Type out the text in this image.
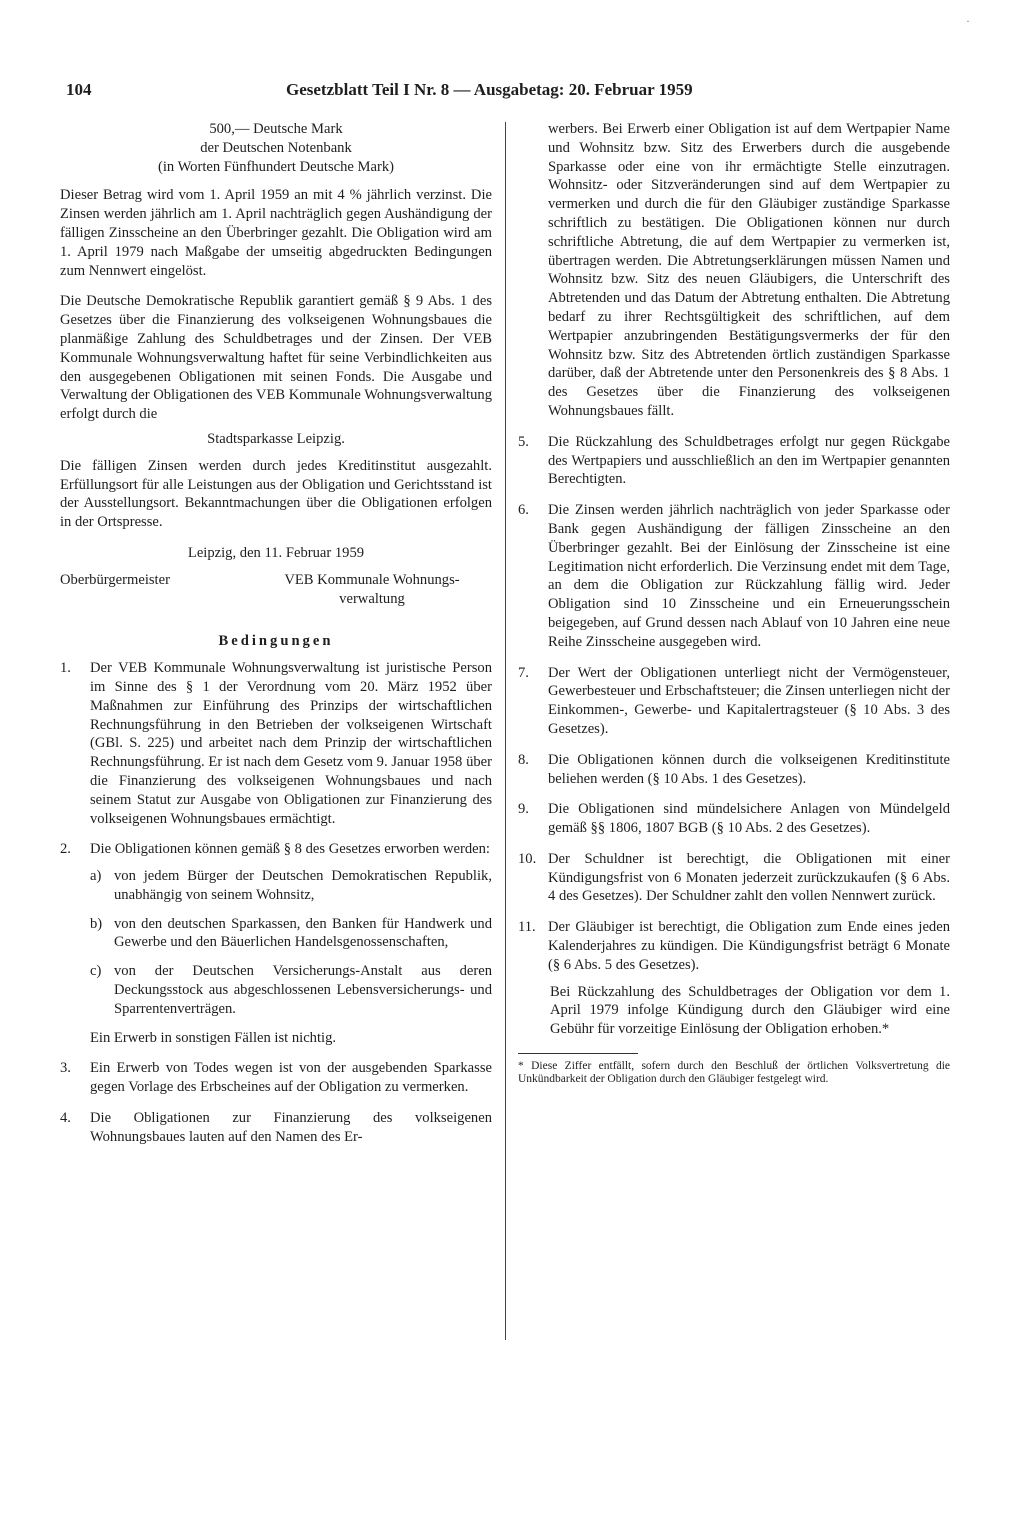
104	Gesetzblatt Teil I Nr. 8 — Ausgabetag: 20. Februar 1959
500,— Deutsche Mark
der Deutschen Notenbank
(in Worten Fünfhundert Deutsche Mark)

Dieser Betrag wird vom 1. April 1959 an mit 4 % jährlich verzinst. Die Zinsen werden jährlich am 1. April nachträglich gegen Aushändigung der fälligen Zinsscheine an den Überbringer gezahlt. Die Obligation wird am 1. April 1979 nach Maßgabe der umseitig abgedruckten Bedingungen zum Nennwert eingelöst.

Die Deutsche Demokratische Republik garantiert gemäß § 9 Abs. 1 des Gesetzes über die Finanzierung des volkseigenen Wohnungsbaues die planmäßige Zahlung des Schuldbetrages und der Zinsen. Der VEB Kommunale Wohnungsverwaltung haftet für seine Verbindlichkeiten aus den ausgegebenen Obligationen mit seinen Fonds. Die Ausgabe und Verwaltung der Obligationen des VEB Kommunale Wohnungsverwaltung erfolgt durch die

Stadtsparkasse Leipzig.

Die fälligen Zinsen werden durch jedes Kreditinstitut ausgezahlt. Erfüllungsort für alle Leistungen aus der Obligation und Gerichtsstand ist der Ausstellungsort. Bekanntmachungen über die Obligationen erfolgen in der Ortspresse.

Leipzig, den 11. Februar 1959
Oberbürgermeister	VEB Kommunale Wohnungs-
verwaltung
Bedingungen
1.	Der VEB Kommunale Wohnungsverwaltung ist juristische Person im Sinne des § 1 der Verordnung vom 20. März 1952 über Maßnahmen zur Einführung des Prinzips der wirtschaftlichen Rechnungsführung in den Betrieben der volkseigenen Wirtschaft (GBl. S. 225) und arbeitet nach dem Prinzip der wirtschaftlichen Rechnungsführung. Er ist nach dem Gesetz vom 9. Januar 1958 über die Finanzierung des volkseigenen Wohnungsbaues und nach seinem Statut zur Ausgabe von Obligationen zur Finanzierung des volkseigenen Wohnungsbaues ermächtigt.
2.	Die Obligationen können gemäß § 8 des Gesetzes erworben werden:
a) von jedem Bürger der Deutschen Demokratischen Republik, unabhängig von seinem Wohnsitz,
b) von den deutschen Sparkassen, den Banken für Handwerk und Gewerbe und den Bäuerlichen Handelsgenossenschaften,
c) von der Deutschen Versicherungs-Anstalt aus deren Deckungsstock aus abgeschlossenen Lebensversicherungs- und Sparrentenverträgen.

Ein Erwerb in sonstigen Fällen ist nichtig.

3.	Ein Erwerb von Todes wegen ist von der ausgebenden Sparkasse gegen Vorlage des Erbscheines auf der Obligation zu vermerken.
4.	Die Obligationen zur Finanzierung des volkseigenen Wohnungsbaues lauten auf den Namen des Er-

werbers. Bei Erwerb einer Obligation ist auf dem Wertpapier Name und Wohnsitz bzw. Sitz des Erwerbers durch die ausgebende Sparkasse oder eine von ihr ermächtigte Stelle einzutragen. Wohnsitz- oder Sitzveränderungen sind auf dem Wertpapier zu vermerken und durch die für den Gläubiger zuständige Sparkasse schriftlich zu bestätigen. Die Obligationen können nur durch schriftliche Abtretung, die auf dem Wertpapier zu vermerken ist, übertragen werden. Die Abtretungserklärungen müssen Namen und Wohnsitz bzw. Sitz des neuen Gläubigers, die Unterschrift des Abtretenden und das Datum der Abtretung enthalten. Die Abtretung bedarf zu ihrer Rechtsgültigkeit des schriftlichen, auf dem Wertpapier anzubringenden Bestätigungsvermerks der für den Wohnsitz bzw. Sitz des Abtretenden örtlich zuständigen Sparkasse darüber, daß der Abtretende unter den Personenkreis des § 8 Abs. 1 des Gesetzes über die Finanzierung des volkseigenen Wohnungsbaues fällt.

5.	Die Rückzahlung des Schuldbetrages erfolgt nur gegen Rückgabe des Wertpapiers und ausschließlich an den im Wertpapier genannten Berechtigten.
6.	Die Zinsen werden jährlich nachträglich von jeder Sparkasse oder Bank gegen Aushändigung der fälligen Zinsscheine an den Überbringer gezahlt. Bei der Einlösung der Zinsscheine ist eine Legitimation nicht erforderlich. Die Verzinsung endet mit dem Tage, an dem die Obligation zur Rückzahlung fällig wird. Jeder Obligation sind 10 Zinsscheine und ein Erneuerungsschein beigegeben, auf Grund dessen nach Ablauf von 10 Jahren eine neue Reihe Zinsscheine ausgegeben wird.
7.	Der Wert der Obligationen unterliegt nicht der Vermögensteuer, Gewerbesteuer und Erbschaftsteuer; die Zinsen unterliegen nicht der Einkommen-, Gewerbe- und Kapitalertragsteuer (§ 10 Abs. 3 des Gesetzes).
8.	Die Obligationen können durch die volkseigenen Kreditinstitute beliehen werden (§ 10 Abs. 1 des Gesetzes).
9.	Die Obligationen sind mündelsichere Anlagen von Mündelgeld gemäß §§ 1806, 1807 BGB (§ 10 Abs. 2 des Gesetzes).
10. Der Schuldner ist berechtigt, die Obligationen mit einer Kündigungsfrist von 6 Monaten jederzeit zurückzukaufen (§ 6 Abs. 4 des Gesetzes). Der Schuldner zahlt den vollen Nennwert zurück.
11. Der Gläubiger ist berechtigt, die Obligation zum Ende eines jeden Kalenderjahres zu kündigen. Die Kündigungsfrist beträgt 6 Monate (§ 6 Abs. 5 des Gesetzes).

Bei Rückzahlung des Schuldbetrages der Obligation vor dem 1. April 1979 infolge Kündigung durch den Gläubiger wird eine Gebühr für vorzeitige Einlösung der Obligation erhoben.*

* Diese Ziffer entfällt, sofern durch den Beschluß der örtlichen Volksvertretung die Unkündbarkeit der Obligation durch den Gläubiger festgelegt wird.
·
